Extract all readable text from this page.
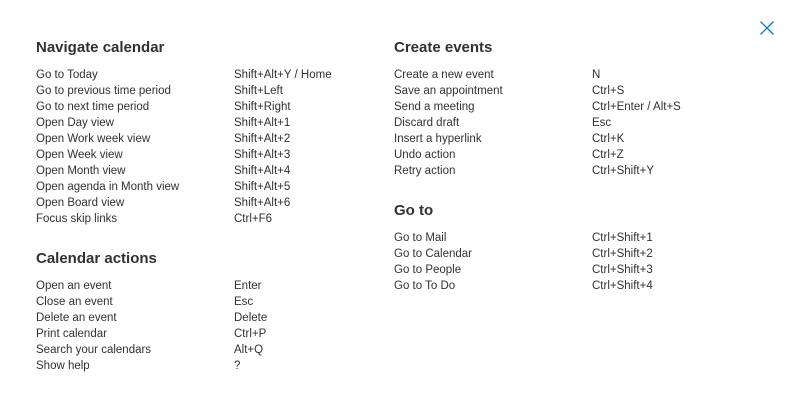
Navigate calendar
Go to Today	Shift+Alt+Y / Home
Go to previous time period	Shift+Left
Go to next time period	Shift+Right
Open Day view	Shift+Alt+1
Open Work week view	Shift+Alt+2
Open Week view	Shift+Alt+3
Open Month view	Shift+Alt+4
Open agenda in Month view	Shift+Alt+5
Open Board view	Shift+Alt+6
Focus skip links	Ctrl+F6
Calendar actions
Open an event	Enter
Close an event	Esc
Delete an event	Delete
Print calendar	Ctrl+P
Search your calendars	Alt+Q
Show help	?
Create events
Create a new event	N
Save an appointment	Ctrl+S
Send a meeting	Ctrl+Enter / Alt+S
Discard draft	Esc
Insert a hyperlink	Ctrl+K
Undo action	Ctrl+Z
Retry action	Ctrl+Shift+Y
Go to
Go to Mail	Ctrl+Shift+1
Go to Calendar	Ctrl+Shift+2
Go to People	Ctrl+Shift+3
Go to To Do	Ctrl+Shift+4
